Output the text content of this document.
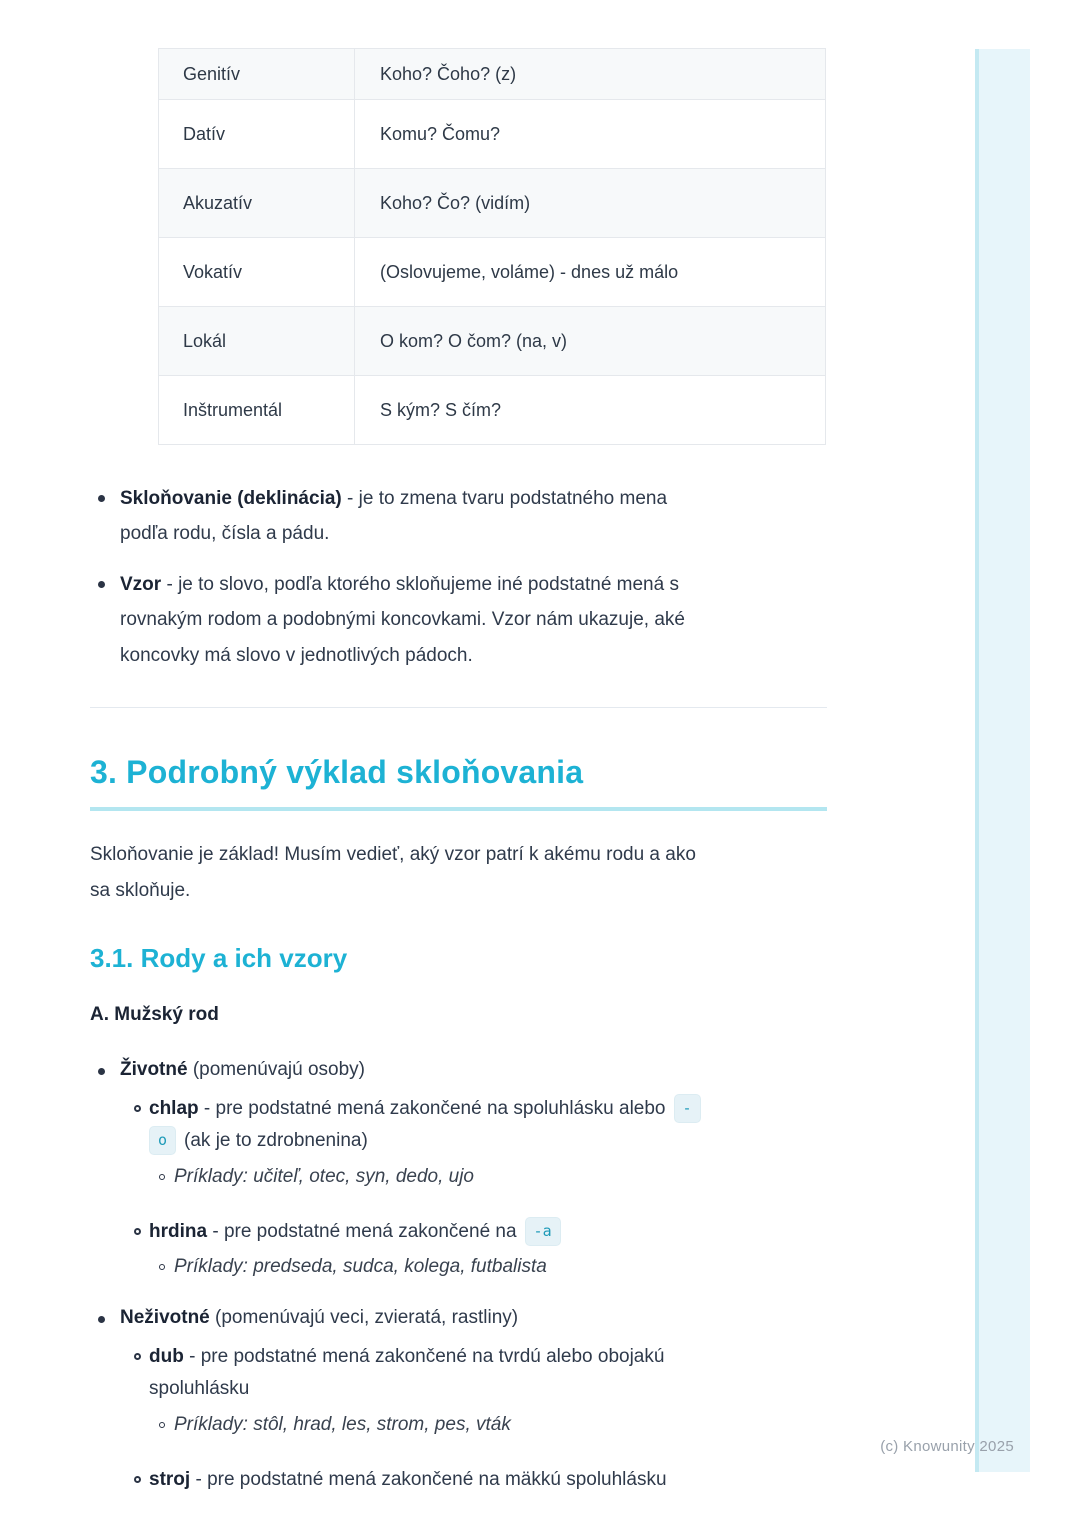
Genitív	Koho? Čoho? (z)
Datív	Komu? Čomu?
Akuzatív	Koho? Čo? (vidím)
Vokatív	(Oslovujeme, voláme) - dnes už málo
Lokál	O kom? O čom? (na, v)
Inštrumentál	S kým? S čím?

Skloňovanie (deklinácia) - je to zmena tvaru podstatného mena podľa rodu, čísla a pádu.

Vzor - je to slovo, podľa ktorého skloňujeme iné podstatné mená s rovnakým rodom a podobnými koncovkami. Vzor nám ukazuje, aké koncovky má slovo v jednotlivých pádoch.

3. Podrobný výklad skloňovania

Skloňovanie je základ! Musím vedieť, aký vzor patrí k akému rodu a ako sa skloňuje.

3.1. Rody a ich vzory

A. Mužský rod

Životné (pomenúvajú osoby)

chlap - pre podstatné mená zakončené na spoluhlásku alebo -

o (ak je to zdrobnenina)

Príklady: učiteľ, otec, syn, dedo, ujo

hrdina - pre podstatné mená zakončené na -a

Príklady: predseda, sudca, kolega, futbalista

Neživotné (pomenúvajú veci, zvieratá, rastliny)

dub - pre podstatné mená zakončené na tvrdú alebo obojakú

spoluhlásku

Príklady: stôl, hrad, les, strom, pes, vták

stroj - pre podstatné mená zakončené na mäkkú spoluhlásku

(c) Knowunity 2025
